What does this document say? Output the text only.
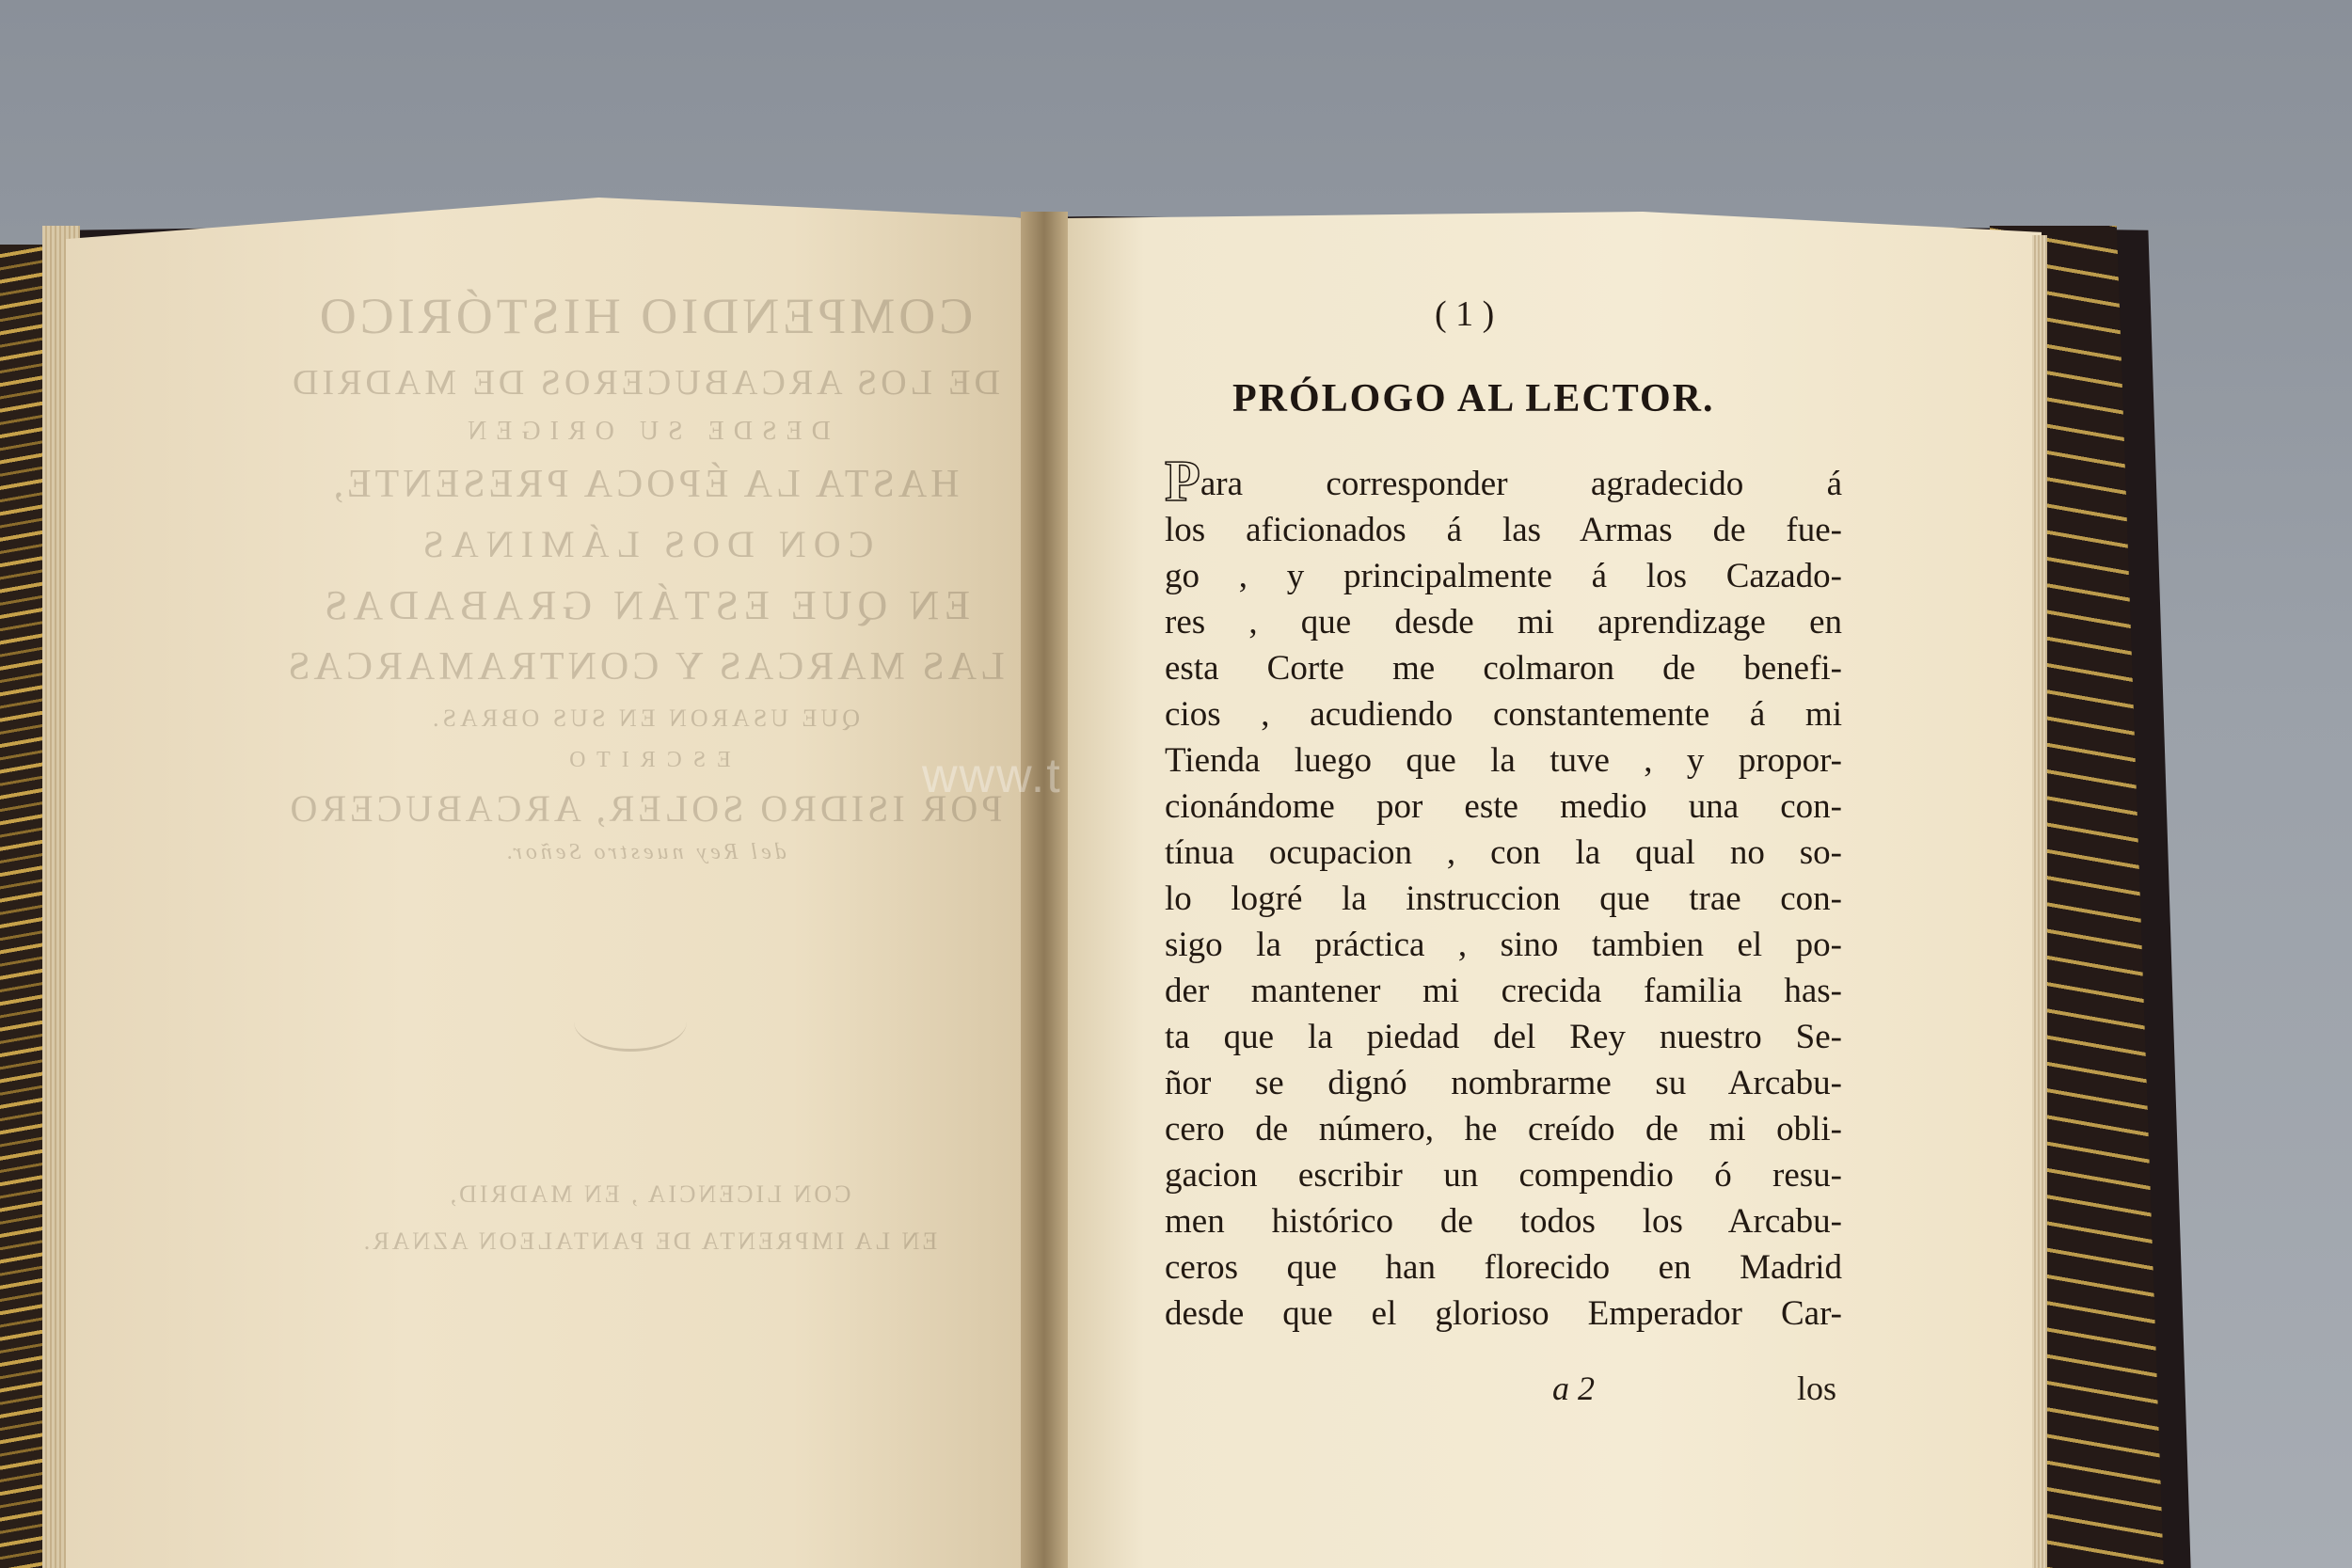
COMPENDIO HISTÓRICO
DE LOS ARCABUCEROS DE MADRID
DESDE SU ORIGEN
HASTA LA ÉPOCA PRESENTE,
CON DOS LÁMINAS
EN QUE ESTÁN GRABADAS
LAS MARCAS Y CONTRAMARCAS
QUE USARON EN SUS OBRAS.
ESCRITO
POR ISIDRO SOLER, ARCABUCERO
del Rey nuestro Señor.
CON LICENCIA , EN MADRID,
EN LA IMPRENTA DE PANTALEON AZNAR.
( 1 )
PRÓLOGO AL LECTOR.
Para corresponder agradecido á
los aficionados á las Armas de fue-
go , y principalmente á los Cazado-
res , que desde mi aprendizage en
esta Corte me colmaron de benefi-
cios , acudiendo constantemente á mi
Tienda luego que la tuve , y propor-
cionándome por este medio una con-
tínua ocupacion , con la qual no so-
lo logré la instruccion que trae con-
sigo la práctica , sino tambien el po-
der mantener mi crecida familia has-
ta que la piedad del Rey nuestro Se-
ñor se dignó nombrarme su Arcabu-
cero de número, he creído de mi obli-
gacion escribir un compendio ó resu-
men histórico de todos los Arcabu-
ceros que han florecido en Madrid
desde que el glorioso Emperador Car-
a 2	los
www.t
